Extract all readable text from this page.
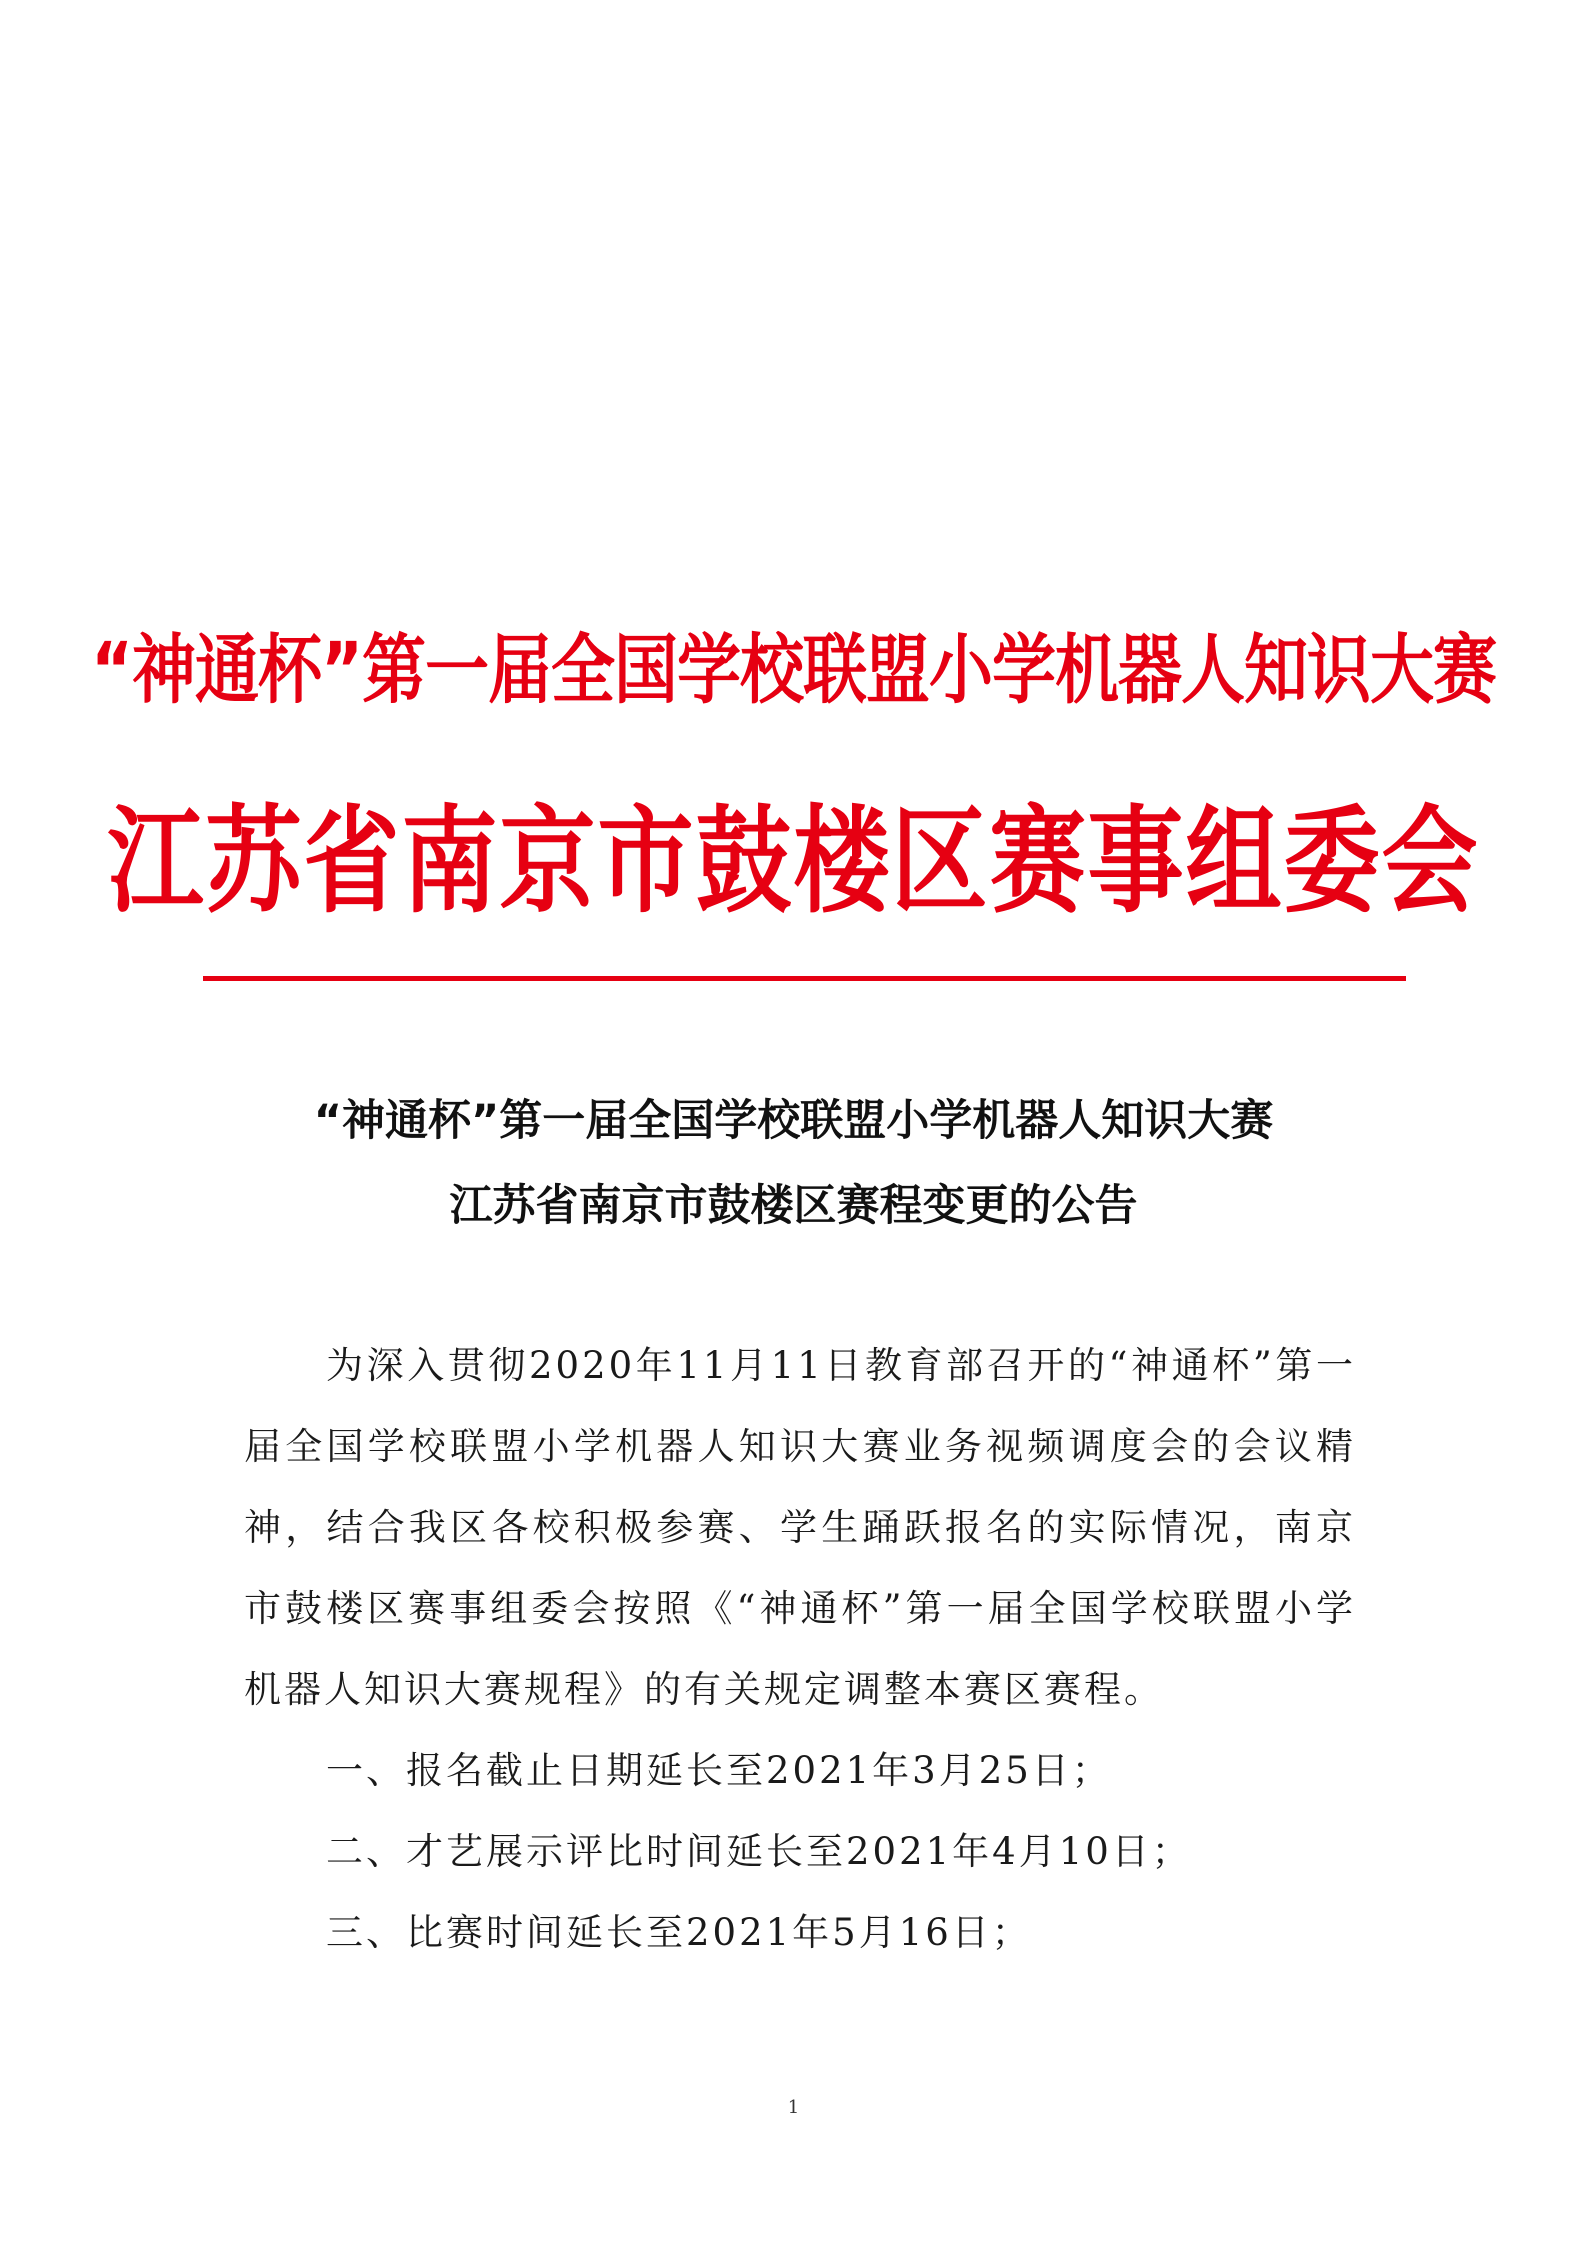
“神通杯”第一届全国学校联盟小学机器人知识大赛
江苏省南京市鼓楼区赛事组委会
“神通杯”第一届全国学校联盟小学机器人知识大赛
江苏省南京市鼓楼区赛程变更的公告

为深入贯彻2020年11月11日教育部召开的“神通杯”第一届全国学校联盟小学机器人知识大赛业务视频调度会的会议精神，结合我区各校积极参赛、学生踊跃报名的实际情况，南京市鼓楼区赛事组委会按照《“神通杯”第一届全国学校联盟小学机器人知识大赛规程》的有关规定调整本赛区赛程。

一、报名截止日期延长至2021年3月25日；

二、才艺展示评比时间延长至2021年4月10日；

三、比赛时间延长至2021年5月16日；

1
